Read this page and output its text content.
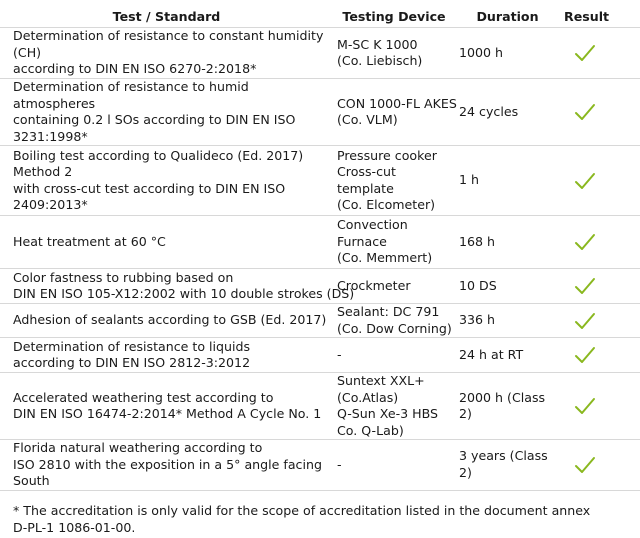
Test / Standard	Testing Device	Duration	Result

Determination of resistance to constant humidity
(CH)
according to DIN EN ISO 6270-2:2018*	M-SC K 1000
(Co. Liebisch)	1000 h

Determination of resistance to humid
atmospheres
containing 0.2 l SOs according to DIN EN ISO
3231:1998*	CON 1000-FL AKES
(Co. VLM)	24 cycles

Boiling test according to Qualideco (Ed. 2017)
Method 2
with cross-cut test according to DIN EN ISO
2409:2013*	Pressure cooker
Cross-cut
template
(Co. Elcometer)	1 h

Heat treatment at 60 °C	Convection
Furnace
(Co. Memmert)	168 h

Color fastness to rubbing based on
DIN EN ISO 105-X12:2002 with 10 double strokes (DS)	Crockmeter	10 DS

Adhesion of sealants according to GSB (Ed. 2017)	Sealant: DC 791
(Co. Dow Corning)	336 h

Determination of resistance to liquids
according to DIN EN ISO 2812-3:2012	-	24 h at RT

Accelerated weathering test according to
DIN EN ISO 16474-2:2014* Method A Cycle No. 1	Suntext XXL+
(Co.Atlas)
Q-Sun Xe-3 HBS
Co. Q-Lab)	2000 h (Class
2)

Florida natural weathering according to
ISO 2810 with the exposition in a 5° angle facing
South	-	3 years (Class
2)

* The accreditation is only valid for the scope of accreditation listed in the document annex
D-PL-1 1086-01-00.
